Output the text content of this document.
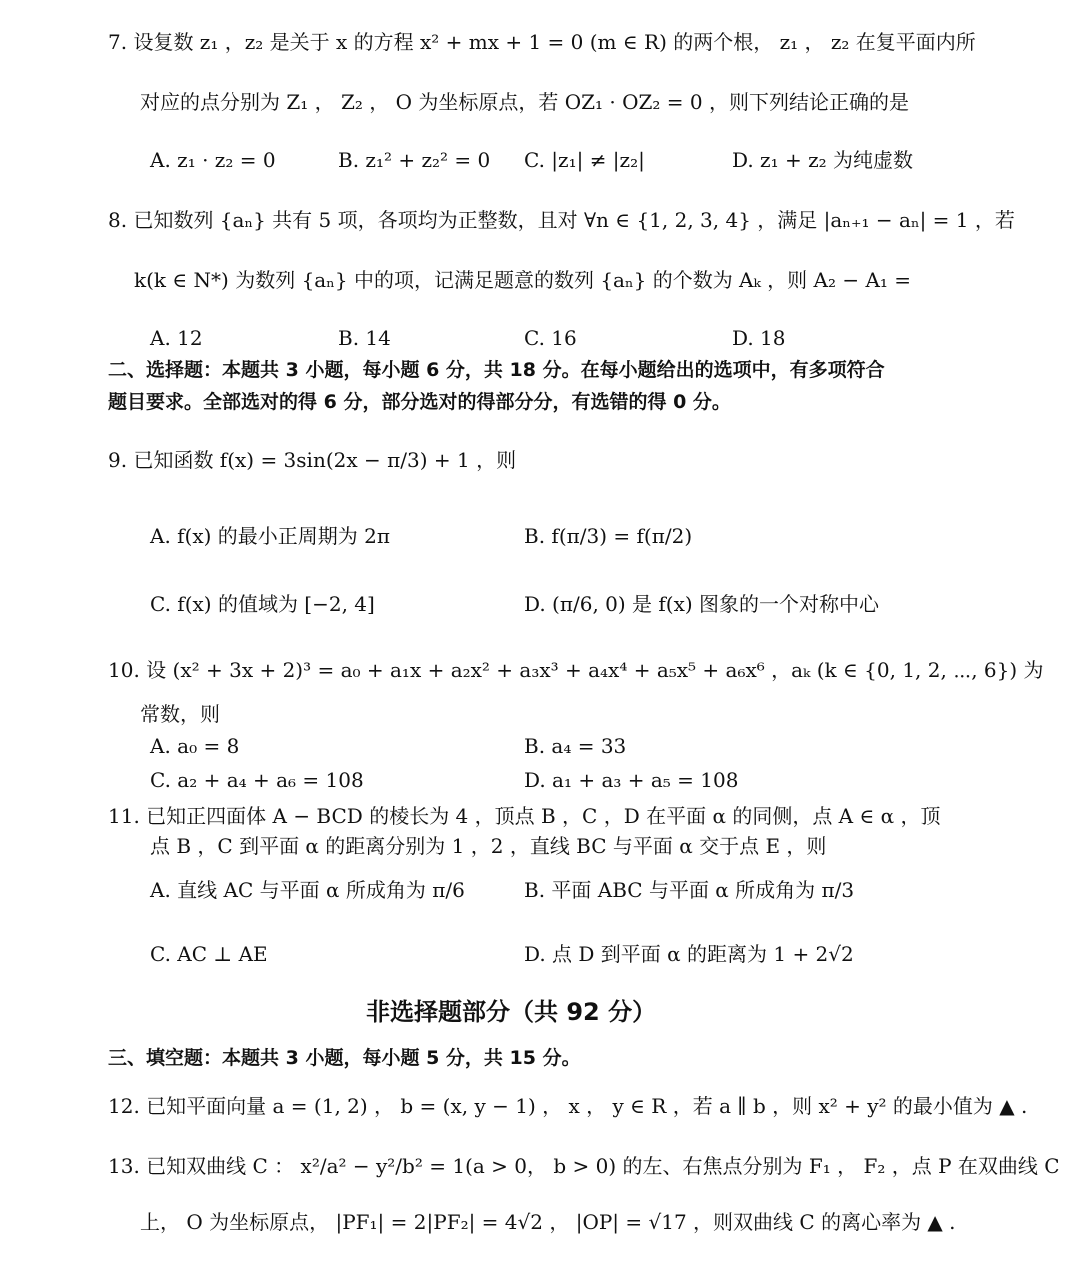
7. 设复数 z₁ ，z₂ 是关于 x 的方程 x² + mx + 1 = 0 (m ∈ R) 的两个根， z₁ ， z₂ 在复平面内所
对应的点分别为 Z₁ ， Z₂ ， O 为坐标原点，若 OZ₁ · OZ₂ = 0 ，则下列结论正确的是
A. z₁ · z₂ = 0	B. z₁² + z₂² = 0 C. |z₁| ≠ |z₂|	D. z₁ + z₂ 为纯虚数
8. 已知数列 {aₙ} 共有 5 项，各项均为正整数，且对 ∀n ∈ {1, 2, 3, 4} ，满足 |aₙ₊₁ − aₙ| = 1 ，若
k(k ∈ N*) 为数列 {aₙ} 中的项，记满足题意的数列 {aₙ} 的个数为 Aₖ ，则 A₂ − A₁ =
A. 12	B. 14	C. 16	D. 18
二、选择题：本题共 3 小题，每小题 6 分，共 18 分。在每小题给出的选项中，有多项符合
题目要求。全部选对的得 6 分，部分选对的得部分分，有选错的得 0 分。
9. 已知函数 f(x) = 3sin(2x − π/3) + 1 ，则
A. f(x) 的最小正周期为 2π	B. f(π/3) = f(π/2)
C. f(x) 的值域为 [−2, 4]	D. (π/6, 0) 是 f(x) 图象的一个对称中心
10. 设 (x² + 3x + 2)³ = a₀ + a₁x + a₂x² + a₃x³ + a₄x⁴ + a₅x⁵ + a₆x⁶ ，aₖ (k ∈ {0, 1, 2, ⋯, 6}) 为
常数，则
A. a₀ = 8	B. a₄ = 33
C. a₂ + a₄ + a₆ = 108	D. a₁ + a₃ + a₅ = 108
11. 已知正四面体 A − BCD 的棱长为 4 ，顶点 B ，C ，D 在平面 α 的同侧，点 A ∈ α ，顶
点 B ，C 到平面 α 的距离分别为 1 ，2 ，直线 BC 与平面 α 交于点 E ，则
A. 直线 AC 与平面 α 所成角为 π/6	B. 平面 ABC 与平面 α 所成角为 π/3
C. AC ⊥ AE	D. 点 D 到平面 α 的距离为 1 + 2√2
非选择题部分（共 92 分）
三、填空题：本题共 3 小题，每小题 5 分，共 15 分。
12. 已知平面向量 a = (1, 2) ， b = (x, y − 1) ， x ， y ∈ R ，若 a ∥ b ，则 x² + y² 的最小值为 ▲ .
13. 已知双曲线 C ： x²/a² − y²/b² = 1(a > 0， b > 0) 的左、右焦点分别为 F₁ ， F₂ ，点 P 在双曲线 C
上， O 为坐标原点， |PF₁| = 2|PF₂| = 4√2 ， |OP| = √17 ，则双曲线 C 的离心率为 ▲ .
